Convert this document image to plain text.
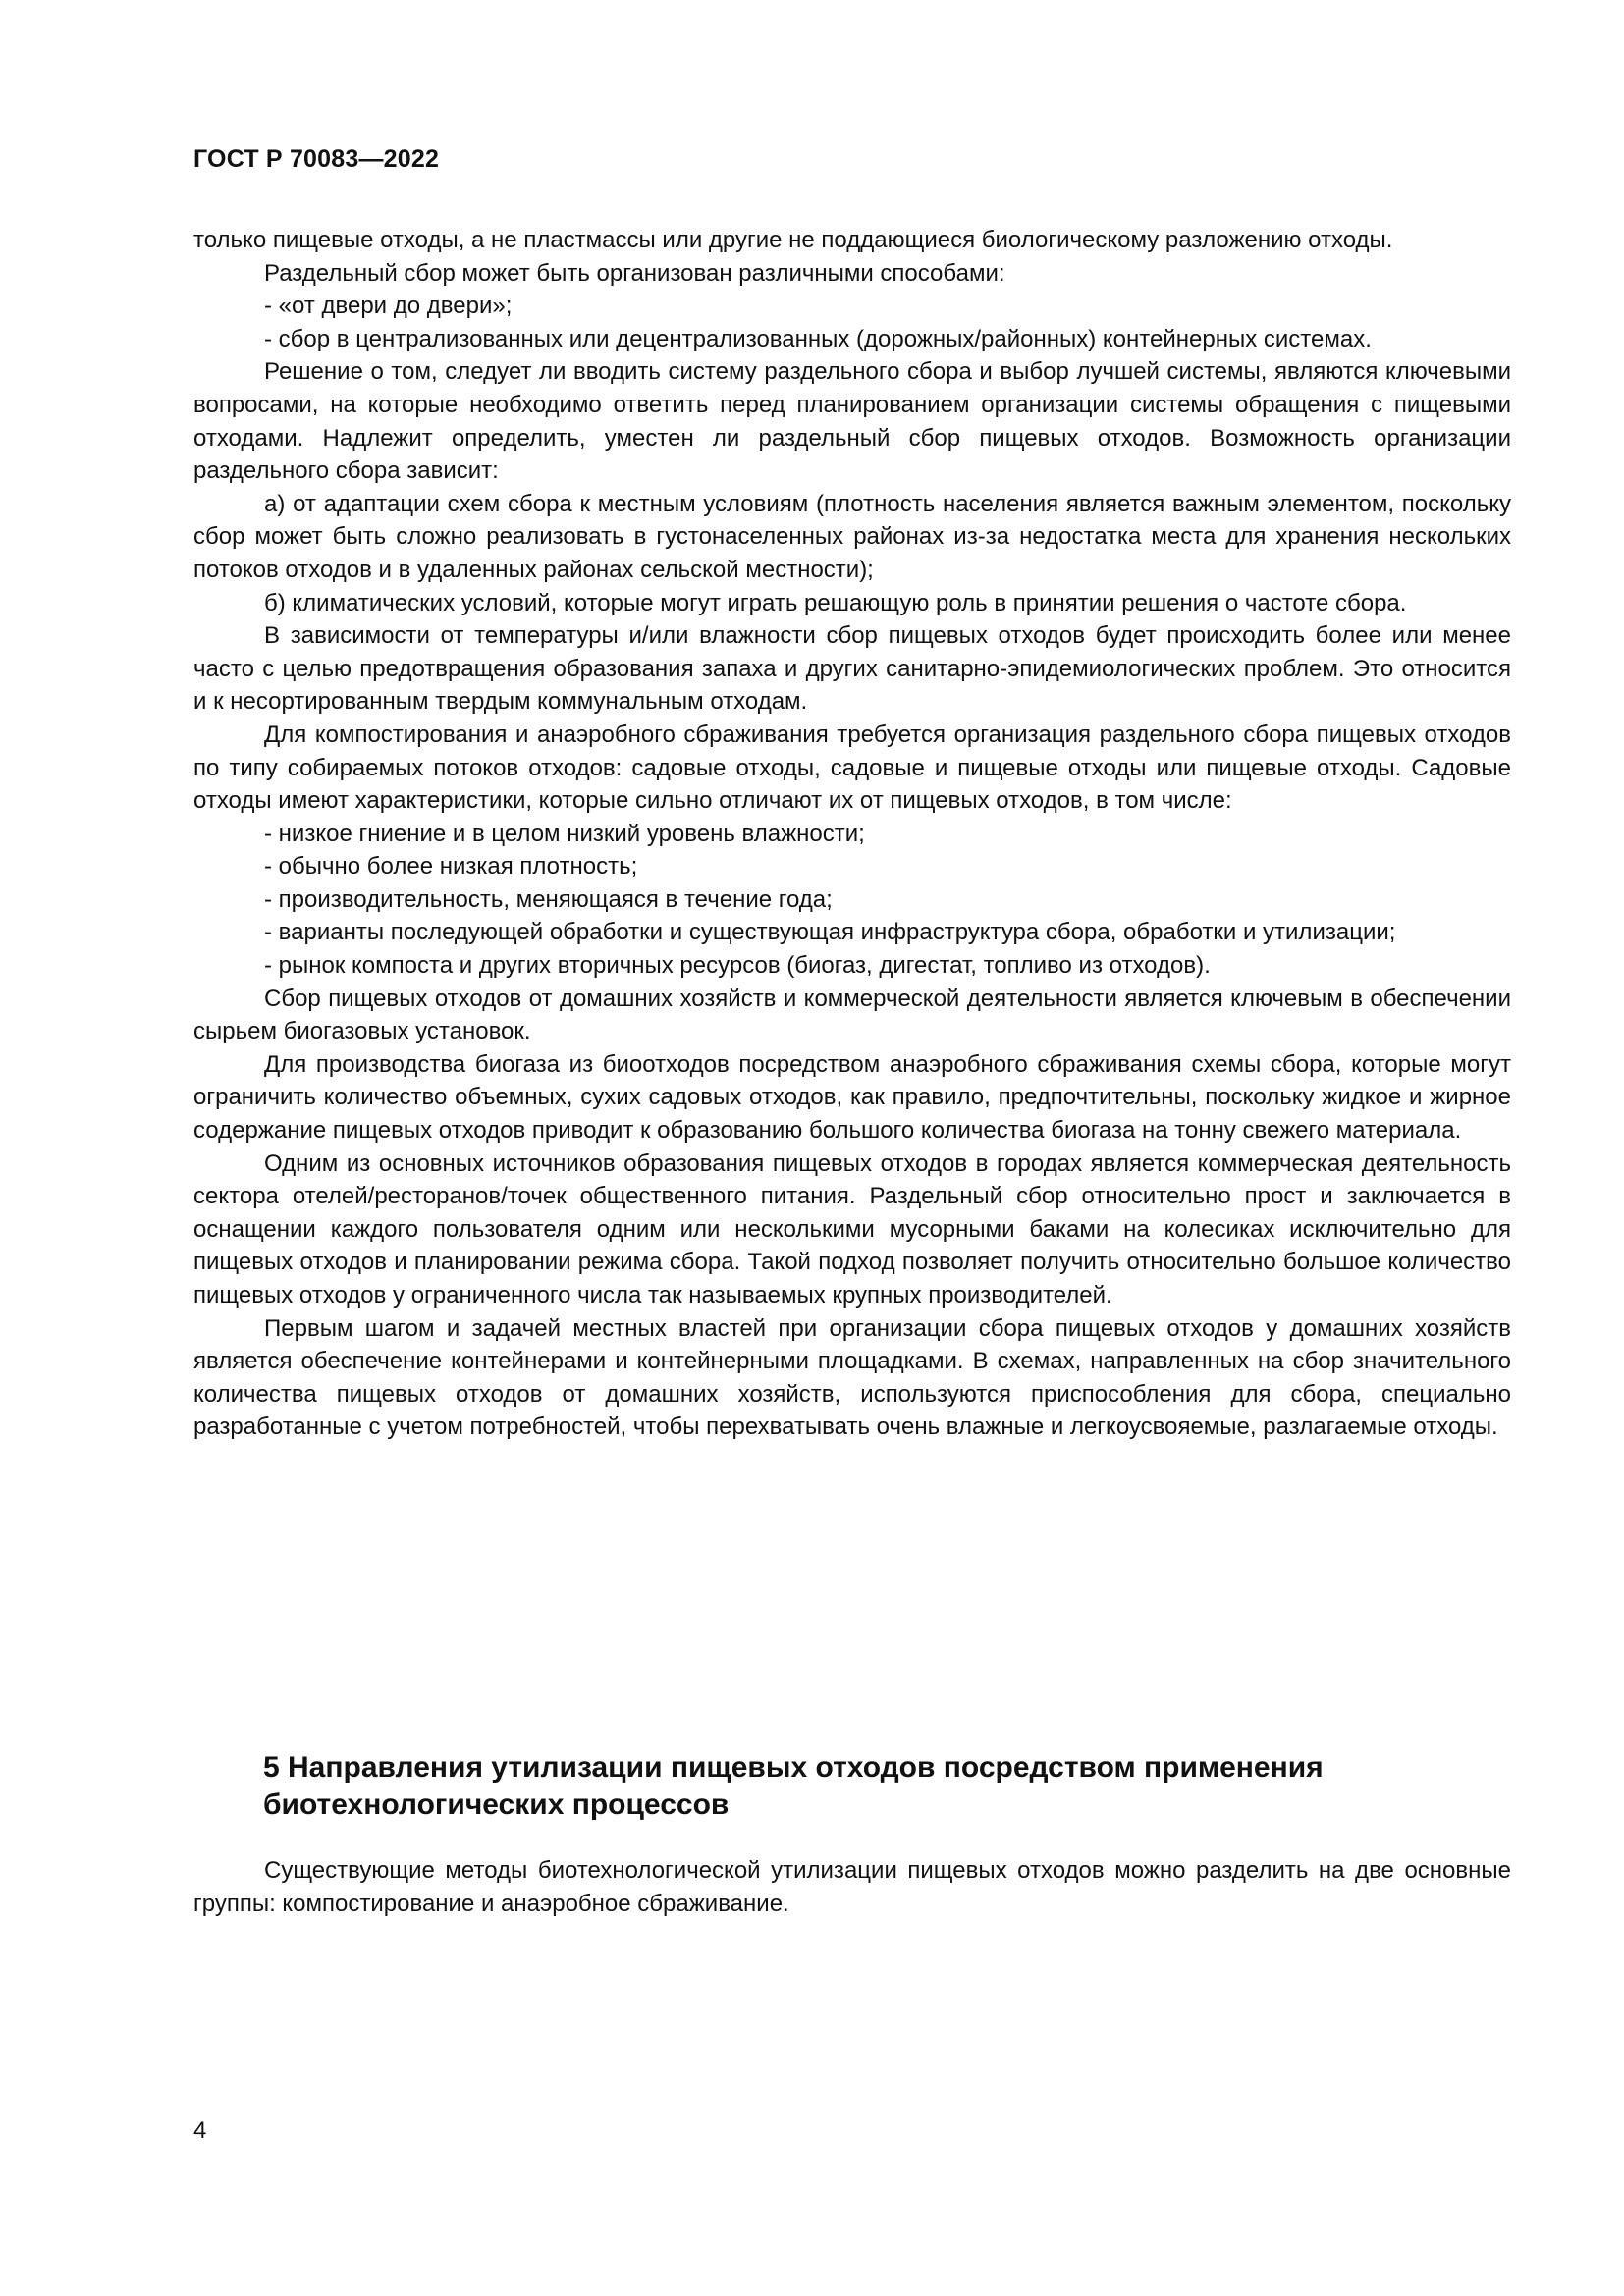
ГОСТ Р 70083—2022

только пищевые отходы, а не пластмассы или другие не поддающиеся биологическому разложению отходы.

Раздельный сбор может быть организован различными способами:

- «от двери до двери»;

- сбор в централизованных или децентрализованных (дорожных/районных) контейнерных системах.

Решение о том, следует ли вводить систему раздельного сбора и выбор лучшей системы, являются ключевыми вопросами, на которые необходимо ответить перед планированием организации системы обращения с пищевыми отходами. Надлежит определить, уместен ли раздельный сбор пищевых отходов. Возможность организации раздельного сбора зависит:

а) от адаптации схем сбора к местным условиям (плотность населения является важным элементом, поскольку сбор может быть сложно реализовать в густонаселенных районах из-за недостатка места для хранения нескольких потоков отходов и в удаленных районах сельской местности);

б) климатических условий, которые могут играть решающую роль в принятии решения о частоте сбора.

В зависимости от температуры и/или влажности сбор пищевых отходов будет происходить более или менее часто с целью предотвращения образования запаха и других санитарно-эпидемиологических проблем. Это относится и к несортированным твердым коммунальным отходам.

Для компостирования и анаэробного сбраживания требуется организация раздельного сбора пищевых отходов по типу собираемых потоков отходов: садовые отходы, садовые и пищевые отходы или пищевые отходы. Садовые отходы имеют характеристики, которые сильно отличают их от пищевых отходов, в том числе:

- низкое гниение и в целом низкий уровень влажности;

- обычно более низкая плотность;

- производительность, меняющаяся в течение года;

- варианты последующей обработки и существующая инфраструктура сбора, обработки и утилизации;

- рынок компоста и других вторичных ресурсов (биогаз, дигестат, топливо из отходов).

Сбор пищевых отходов от домашних хозяйств и коммерческой деятельности является ключевым в обеспечении сырьем биогазовых установок.

Для производства биогаза из биоотходов посредством анаэробного сбраживания схемы сбора, которые могут ограничить количество объемных, сухих садовых отходов, как правило, предпочтительны, поскольку жидкое и жирное содержание пищевых отходов приводит к образованию большого количества биогаза на тонну свежего материала.

Одним из основных источников образования пищевых отходов в городах является коммерческая деятельность сектора отелей/ресторанов/точек общественного питания. Раздельный сбор относительно прост и заключается в оснащении каждого пользователя одним или несколькими мусорными баками на колесиках исключительно для пищевых отходов и планировании режима сбора. Такой подход позволяет получить относительно большое количество пищевых отходов у ограниченного числа так называемых крупных производителей.

Первым шагом и задачей местных властей при организации сбора пищевых отходов у домашних хозяйств является обеспечение контейнерами и контейнерными площадками. В схемах, направленных на сбор значительного количества пищевых отходов от домашних хозяйств, используются приспособления для сбора, специально разработанные с учетом потребностей, чтобы перехватывать очень влажные и легкоусвояемые, разлагаемые отходы.

5 Направления утилизации пищевых отходов посредством применения биотехнологических процессов

Существующие методы биотехнологической утилизации пищевых отходов можно разделить на две основные группы: компостирование и анаэробное сбраживание.

4
